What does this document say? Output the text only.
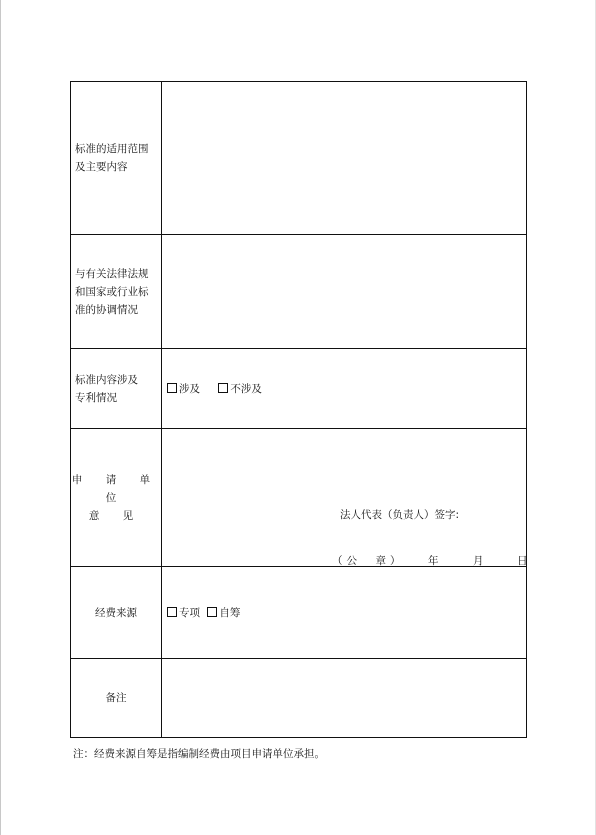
标准的适用范围
及主要内容	

与有关法律法规
和国家或行业标
准的协调情况	

标准内容涉及
专利情况	涉及
不涉及

申 请 单 位
意 见	法人代表（负责人）签字:
（公　章） 年 月 日

经费来源	专项
自筹

备注	
注：经费来源自筹是指编制经费由项目申请单位承担。
